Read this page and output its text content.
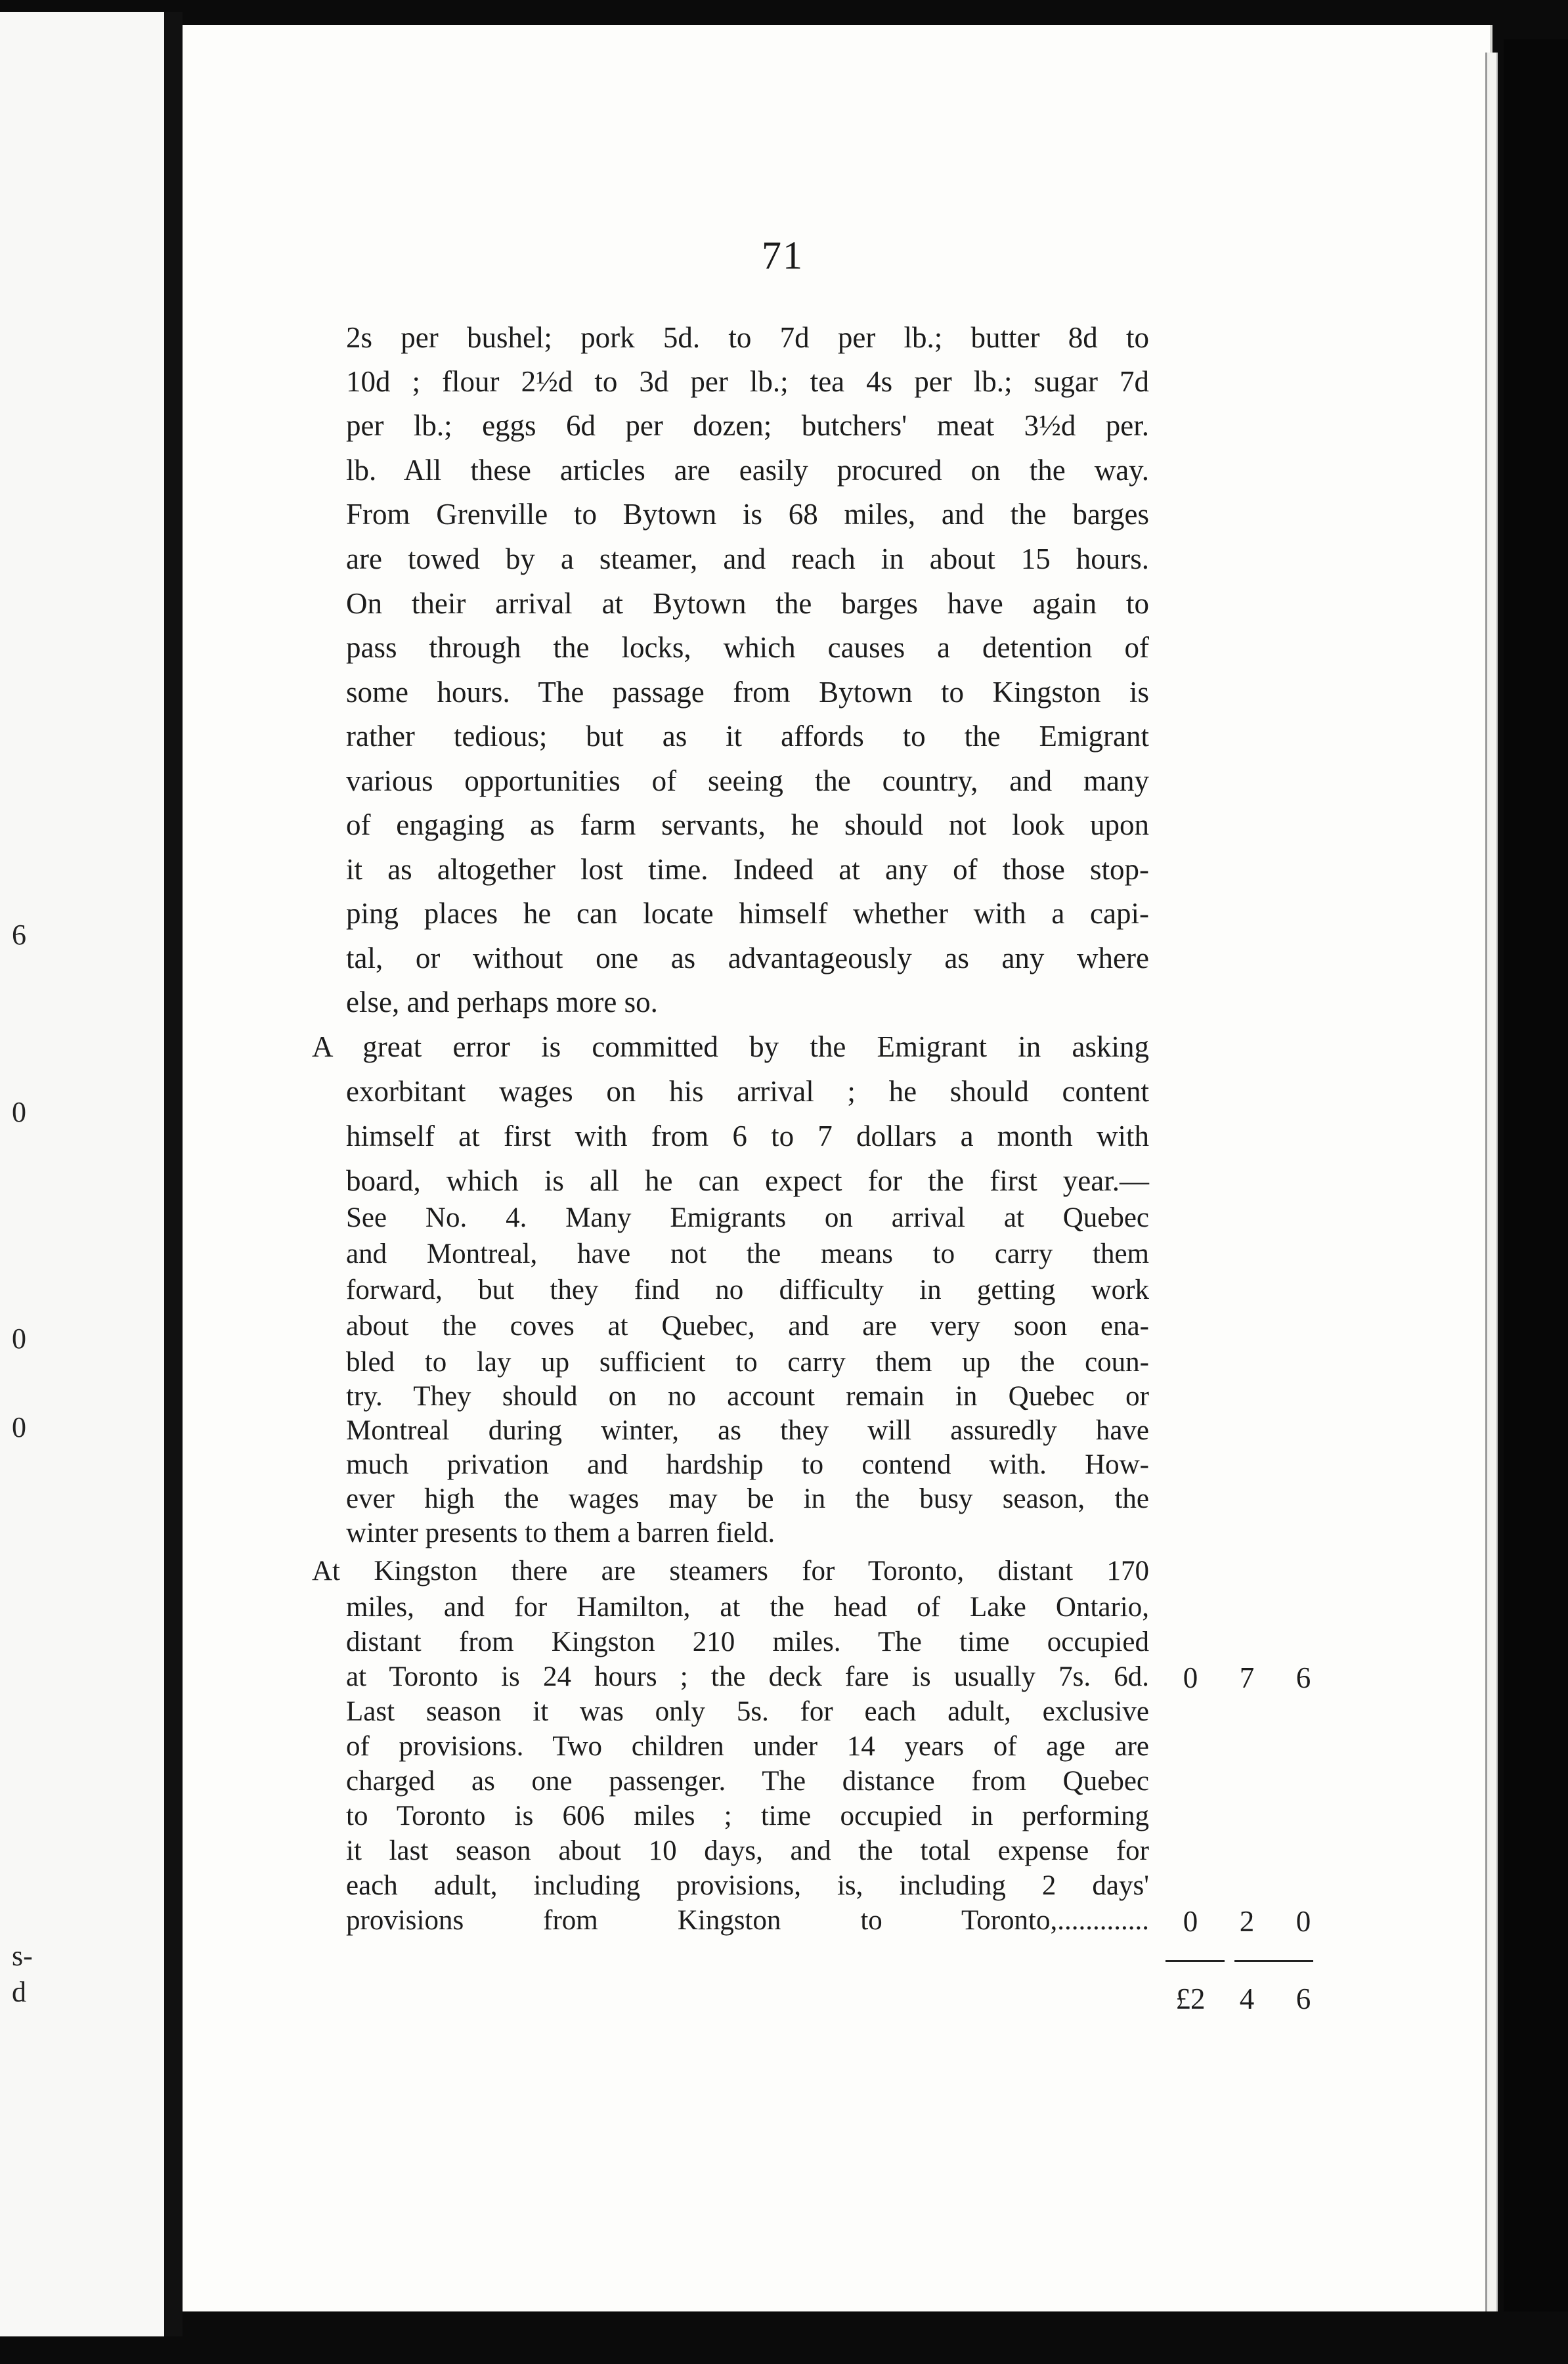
6
0
0
0
s-
d
71
2s per bushel; pork 5d. to 7d per lb.; butter 8d to
10d ; flour 2½d to 3d per lb.; tea 4s per lb.; sugar 7d
per lb.; eggs 6d per dozen; butchers' meat 3½d per.
lb. All these articles are easily procured on the way.
From Grenville to Bytown is 68 miles, and the barges
are towed by a steamer, and reach in about 15 hours.
On their arrival at Bytown the barges have again to
pass through the locks, which causes a detention of
some hours. The passage from Bytown to Kingston is
rather tedious; but as it affords to the Emigrant
various opportunities of seeing the country, and many
of engaging as farm servants, he should not look upon
it as altogether lost time. Indeed at any of those stop-
ping places he can locate himself whether with a capi-
tal, or without one as advantageously as any where
else, and perhaps more so.
A great error is committed by the Emigrant in asking
exorbitant wages on his arrival ; he should content
himself at first with from 6 to 7 dollars a month with
board, which is all he can expect for the first year.—
See No. 4. Many Emigrants on arrival at Quebec
and Montreal, have not the means to carry them
forward, but they find no difficulty in getting work
about the coves at Quebec, and are very soon ena-
bled to lay up sufficient to carry them up the coun-
try. They should on no account remain in Quebec or
Montreal during winter, as they will assuredly have
much privation and hardship to contend with. How-
ever high the wages may be in the busy season, the
winter presents to them a barren field.
At Kingston there are steamers for Toronto, distant 170
miles, and for Hamilton, at the head of Lake Ontario,
distant from Kingston 210 miles. The time occupied
at Toronto is 24 hours ; the deck fare is usually 7s. 6d.
Last season it was only 5s. for each adult, exclusive
of provisions. Two children under 14 years of age are
charged as one passenger. The distance from Quebec
to Toronto is 606 miles ; time occupied in performing
it last season about 10 days, and the total expense for
each adult, including provisions, is, including 2 days'
provisions from Kingston to Toronto,.............
0	7	6
0	2	0
£2	4	6
